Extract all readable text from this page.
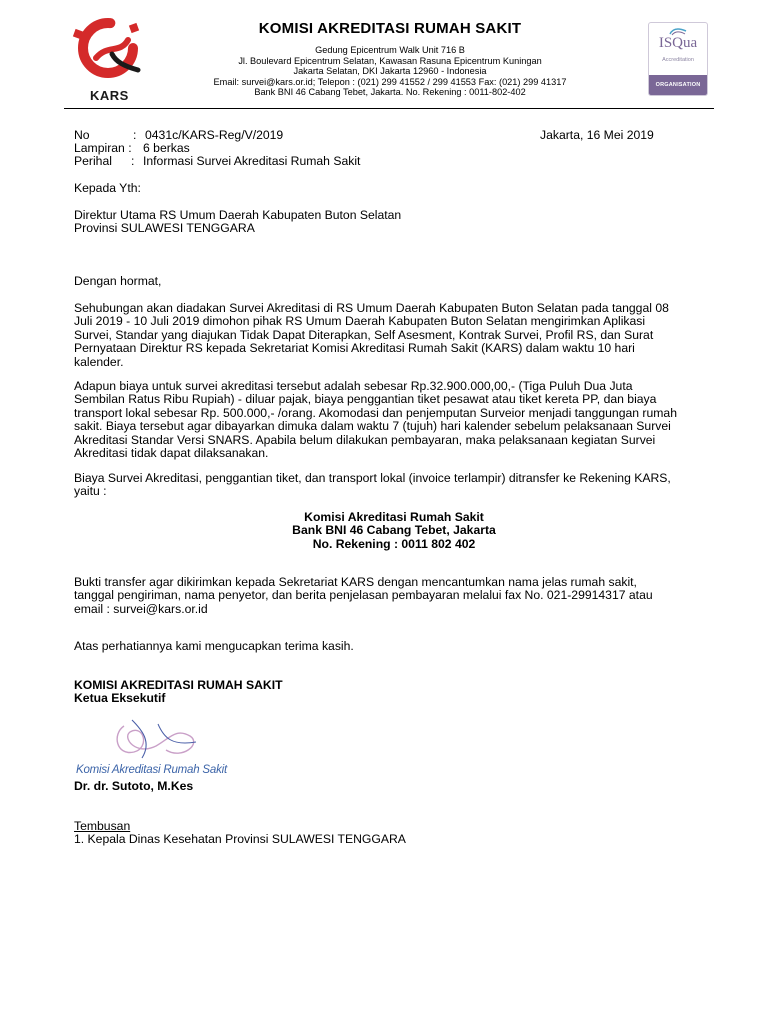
KARS
KOMISI AKREDITASI RUMAH SAKIT
Gedung Epicentrum Walk Unit 716 B
Jl. Boulevard Epicentrum Selatan, Kawasan Rasuna Epicentrum Kuningan
Jakarta Selatan, DKI Jakarta 12960 - Indonesia
Email: survei@kars.or.id; Telepon : (021) 299 41552 / 299 41553 Fax: (021) 299 41317
Bank BNI 46 Cabang Tebet, Jakarta. No. Rekening : 0011-802-402
ISQua
Accreditation
ORGANISATION
No	: 0431c/KARS-Reg/V/2019	Jakarta, 16 Mei 2019
Lampiran : 6 berkas
Perihal : Informasi Survei Akreditasi Rumah Sakit
Kepada Yth:
Direktur Utama RS Umum Daerah Kabupaten Buton Selatan
Provinsi SULAWESI TENGGARA
Dengan hormat,
Sehubungan akan diadakan Survei Akreditasi di RS Umum Daerah Kabupaten Buton Selatan pada tanggal 08
Juli 2019 - 10 Juli 2019 dimohon pihak RS Umum Daerah Kabupaten Buton Selatan mengirimkan Aplikasi
Survei, Standar yang diajukan Tidak Dapat Diterapkan, Self Asesment, Kontrak Survei, Profil RS, dan Surat
Pernyataan Direktur RS kepada Sekretariat Komisi Akreditasi Rumah Sakit (KARS) dalam waktu 10 hari
kalender.
Adapun biaya untuk survei akreditasi tersebut adalah sebesar Rp.32.900.000,00,- (Tiga Puluh Dua Juta
Sembilan Ratus Ribu Rupiah) - diluar pajak, biaya penggantian tiket pesawat atau tiket kereta PP, dan biaya
transport lokal sebesar Rp. 500.000,- /orang. Akomodasi dan penjemputan Surveior menjadi tanggungan rumah
sakit. Biaya tersebut agar dibayarkan dimuka dalam waktu 7 (tujuh) hari kalender sebelum pelaksanaan Survei
Akreditasi Standar Versi SNARS. Apabila belum dilakukan pembayaran, maka pelaksanaan kegiatan Survei
Akreditasi tidak dapat dilaksanakan.
Biaya Survei Akreditasi, penggantian tiket, dan transport lokal (invoice terlampir) ditransfer ke Rekening KARS,
yaitu :
Komisi Akreditasi Rumah Sakit
Bank BNI 46 Cabang Tebet, Jakarta
No. Rekening : 0011 802 402
Bukti transfer agar dikirimkan kepada Sekretariat KARS dengan mencantumkan nama jelas rumah sakit,
tanggal pengiriman, nama penyetor, dan berita penjelasan pembayaran melalui fax No. 021-29914317 atau
email : survei@kars.or.id
Atas perhatiannya kami mengucapkan terima kasih.
KOMISI AKREDITASI RUMAH SAKIT
Ketua Eksekutif
Komisi Akreditasi Rumah Sakit
Dr. dr. Sutoto, M.Kes
Tembusan
1. Kepala Dinas Kesehatan Provinsi SULAWESI TENGGARA
